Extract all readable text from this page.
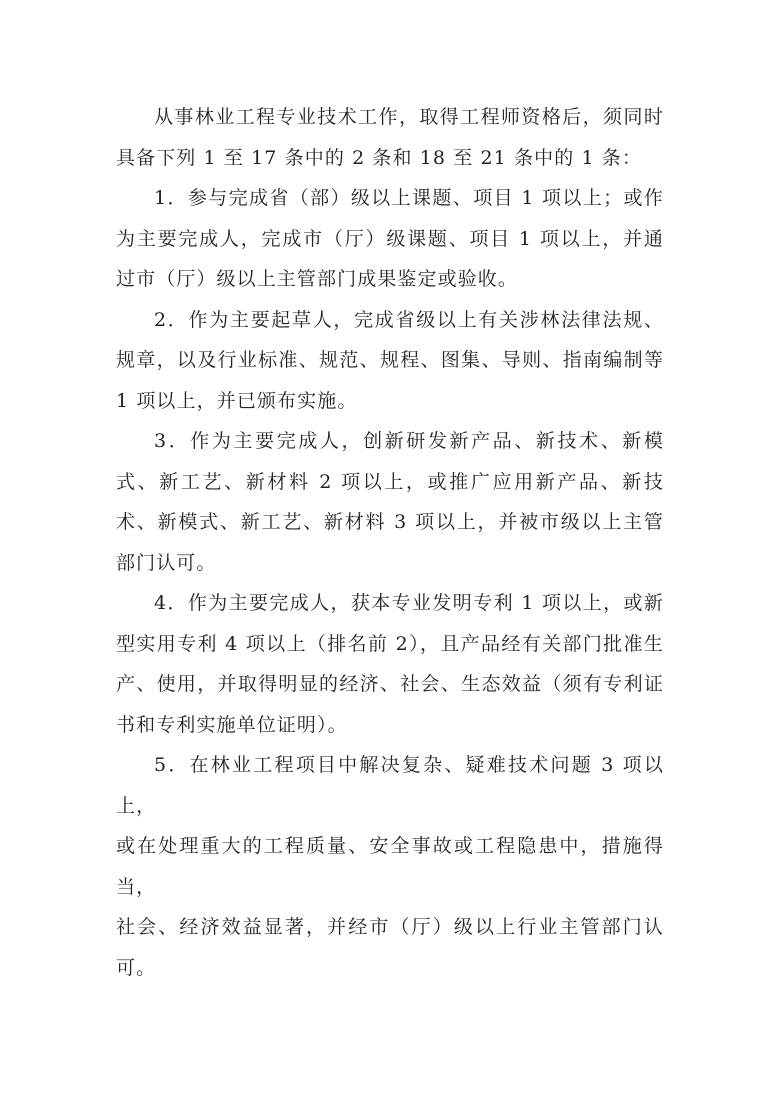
从事林业工程专业技术工作，取得工程师资格后，须同时具备下列 1 至 17 条中的 2 条和 18 至 21 条中的 1 条：

1．参与完成省（部）级以上课题、项目 1 项以上；或作为主要完成人，完成市（厅）级课题、项目 1 项以上，并通过市（厅）级以上主管部门成果鉴定或验收。

2．作为主要起草人，完成省级以上有关涉林法律法规、规章，以及行业标准、规范、规程、图集、导则、指南编制等 1 项以上，并已颁布实施。

3．作为主要完成人，创新研发新产品、新技术、新模式、新工艺、新材料 2 项以上，或推广应用新产品、新技术、新模式、新工艺、新材料 3 项以上，并被市级以上主管部门认可。

4．作为主要完成人，获本专业发明专利 1 项以上，或新型实用专利 4 项以上（排名前 2），且产品经有关部门批准生产、使用，并取得明显的经济、社会、生态效益（须有专利证书和专利实施单位证明）。

5．在林业工程项目中解决复杂、疑难技术问题 3 项以上，

或在处理重大的工程质量、安全事故或工程隐患中，措施得当，

社会、经济效益显著，并经市（厅）级以上行业主管部门认可。
